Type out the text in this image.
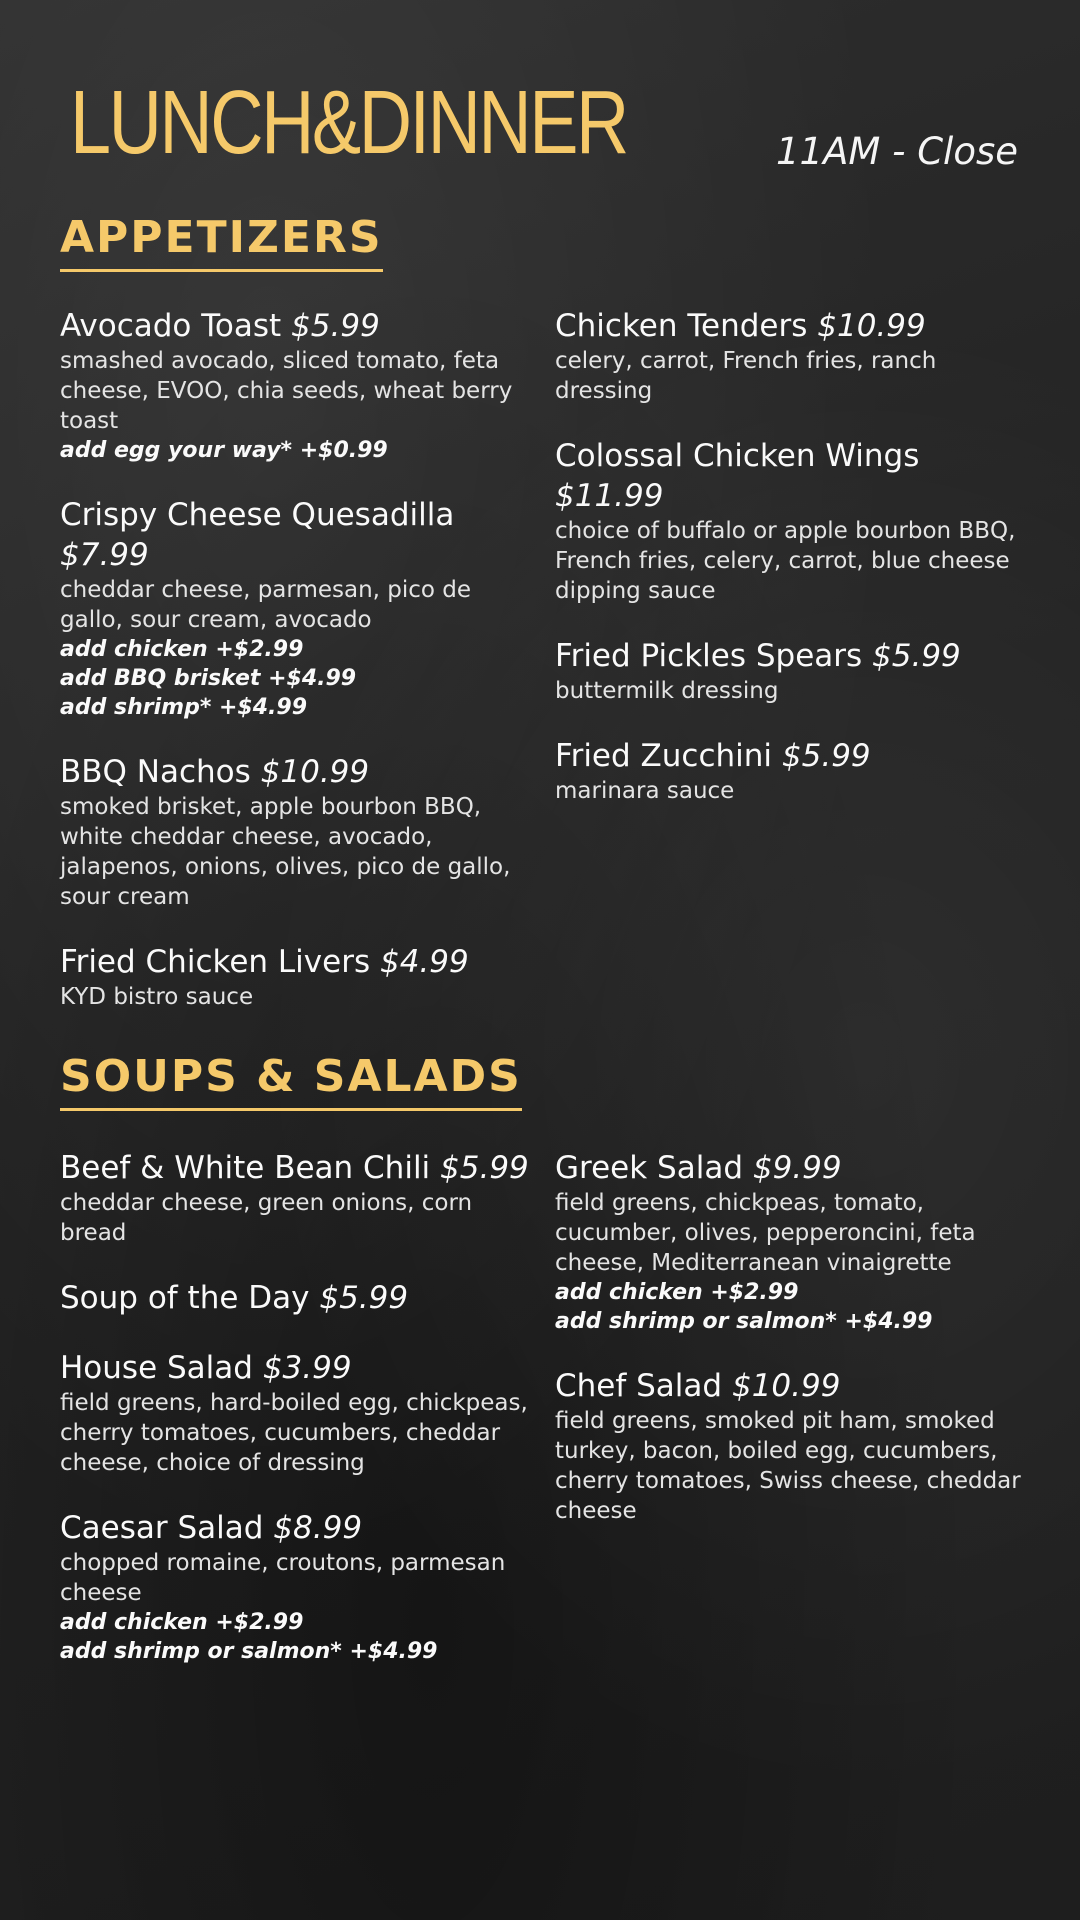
LUNCH&DINNER	11AM - Close
APPETIZERS
Avocado Toast $5.99
smashed avocado, sliced tomato, feta cheese, EVOO, chia seeds, wheat berry toast
add egg your way* +$0.99
Crispy Cheese Quesadilla $7.99
cheddar cheese, parmesan, pico de gallo, sour cream, avocado
add chicken +$2.99
add BBQ brisket +$4.99
add shrimp* +$4.99
BBQ Nachos $10.99
smoked brisket, apple bourbon BBQ, white cheddar cheese, avocado, jalapenos, onions, olives, pico de gallo, sour cream
Fried Chicken Livers $4.99
KYD bistro sauce
Chicken Tenders $10.99
celery, carrot, French fries, ranch dressing
Colossal Chicken Wings $11.99
choice of buffalo or apple bourbon BBQ, French fries, celery, carrot, blue cheese dipping sauce
Fried Pickles Spears $5.99
buttermilk dressing
Fried Zucchini $5.99
marinara sauce
SOUPS & SALADS
Beef & White Bean Chili $5.99
cheddar cheese, green onions, corn bread
Soup of the Day $5.99
House Salad $3.99
field greens, hard-boiled egg, chickpeas, cherry tomatoes, cucumbers, cheddar cheese, choice of dressing
Caesar Salad $8.99
chopped romaine, croutons, parmesan cheese
add chicken +$2.99
add shrimp or salmon* +$4.99
Greek Salad $9.99
field greens, chickpeas, tomato, cucumber, olives, pepperoncini, feta cheese, Mediterranean vinaigrette
add chicken +$2.99
add shrimp or salmon* +$4.99
Chef Salad $10.99
field greens, smoked pit ham, smoked turkey, bacon, boiled egg, cucumbers, cherry tomatoes, Swiss cheese, cheddar cheese
